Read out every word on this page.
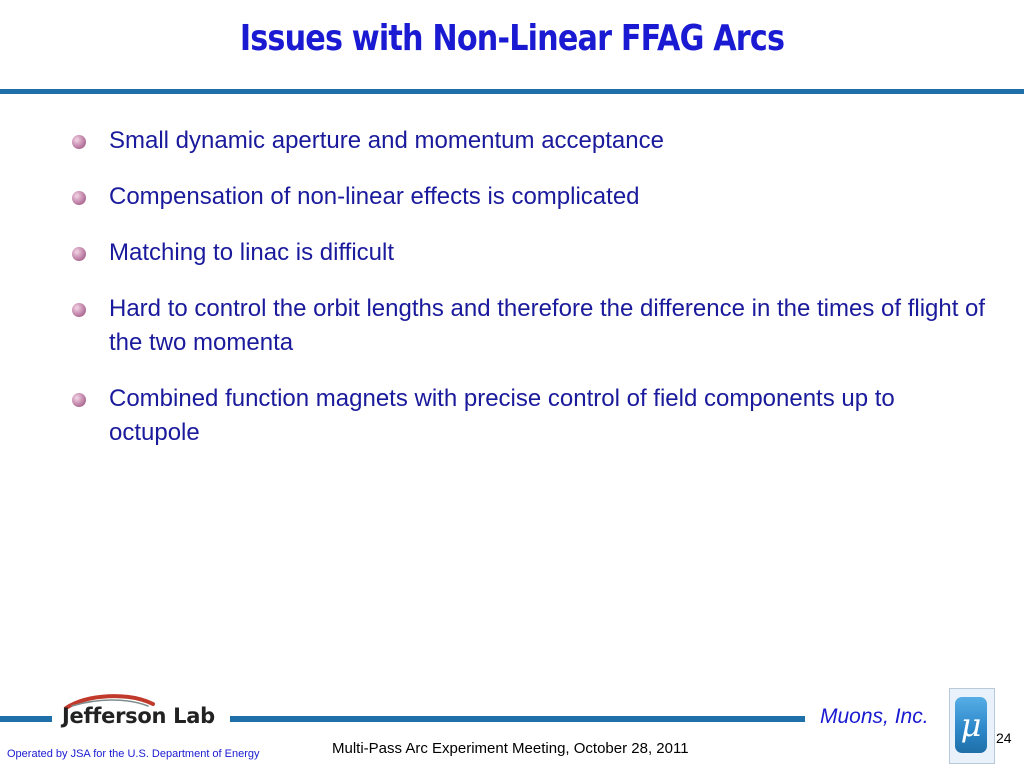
Issues with Non-Linear FFAG Arcs
Small dynamic aperture and momentum acceptance
Compensation of non-linear effects is complicated
Matching to linac is difficult
Hard to control the orbit lengths and therefore the difference in the times of flight of the two momenta
Combined function magnets with precise control of field components up to octupole
Jefferson Lab	Muons, Inc. μ	24
Operated by JSA for the U.S. Department of Energy	Multi-Pass Arc Experiment Meeting, October 28, 2011
